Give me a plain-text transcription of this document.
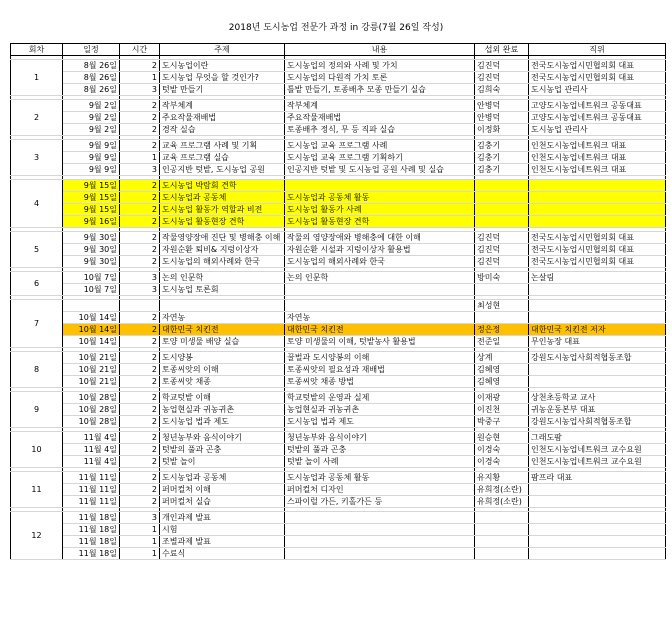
2018년 도시농업 전문가 과정 in 강릉(7월 26일 작성)
회차	일정	시간	주제	내용	섭외 완료	직위

1	8월 26일	2	도시농업이란	도시농업의 정의와 사례 및 가치	김진덕	전국도시농업시민협의회 대표
	8월 26일	1	도시농업 무엇을 할 것인가?	도시농업의 다원적 가치 토론	김진덕	전국도시농업시민협의회 대표
	8월 26일	3	텃밭 만들기	틀밭 만들기, 토종배추 모종 만들기 실습	김희숙	도시농업 관리사

2	9월 2일	2	작부체계	작부체계	안병덕	고양도시농업네트워크 공동대표
	9월 2일	2	주요작물재배법	주요작물재배법	안병덕	고양도시농업네트워크 공동대표
	9월 2일	2	경작 실습	토종배추 정식, 무 등 직파 실습	이정화	도시농업 관리사

3	9월 9일	2	교육 프로그램 사례 및 기획	도시농업 교육 프로그램 사례	김충기	인천도시농업네트워크 대표
	9월 9일	1	교육 프로그램 실습	도시농업 교육 프로그램 기획하기	김충기	인천도시농업네트워크 대표
	9월 9일	3	인공지반 텃밭, 도시농업 공원	인공지반 텃밭 및 도시농업 공원 사례 및 실습	김충기	인천도시농업네트워크 대표

4	9월 15일	2	도시농업 박람회 견학			
	9월 15일	2	도시농업과 공동체	도시농업과 공동체 활동		
	9월 15일	2	도시농업 활동가 역할과 비전	도시농업 활동가 사례		
	9월 16일	2	도시농업 활동현장 견학	도시농업 활동현장 견학		

5	9월 30일	2	작물영양장애 진단 및 병해충 이해	작물의 영양장애와 병해충에 대한 이해	김진덕	전국도시농업시민협의회 대표
	9월 30일	2	자원순환 퇴비& 지렁이상자	자원순환 시설과 지렁이상자 활용법	김진덕	전국도시농업시민협의회 대표
	9월 30일	2	도시농업의 해외사례와 한국	도시농업의 해외사례와 한국	김진덕	전국도시농업시민협의회 대표

6	10월 7일	3	논의 인문학	논의 인문학	방미숙	논살림
	10월 7일	3	도시농업 토론회			

7					최성현	
	10월 14일	2	자연농	자연농		
	10월 14일	2	대한민국 치킨전	대한민국 치킨전	정은정	대한민국 치킨전 저자
	10월 14일	2	토양 미생물 배양 실습	토양 미생물의 이해, 텃밭농사 활용법	전준일	무인농장 대표

8	10월 21일	2	도시양봉	꿀벌과 도시양봉의 이해	상계	강원도시농업사회적협동조합
	10월 21일	2	토종씨앗의 이해	토종씨앗의 필요성과 재배법	김혜영	
	10월 21일	2	토종씨앗 채종	토종씨앗 채종 방법	김혜영	

9	10월 28일	2	학교텃밭 이해	학교텃밭의 운영과 실제	이재광	상천초등학교 교사
	10월 28일	2	농업현실과 귀농귀촌	농업현실과 귀농귀촌	이진천	귀농운동본부 대표
	10월 28일	2	도시농업 법과 제도	도시농업 법과 제도	박중구	강원도시농업사회적협동조합

10	11월 4일	2	청년농부와 음식이야기	청년농부와 음식이야기	원승현	그래도팜
	11월 4일	2	텃밭의 풀과 곤충	텃밭의 풀과 곤충	이경숙	인천도시농업네트워크 교수요원
	11월 4일	2	텃밭 놀이	텃밭 놀이 사례	이경숙	인천도시농업네트워크 교수요원

11	11월 11일	2	도시농업과 공동체	도시농업과 공동체 활동	유지황	팜프라 대표
	11월 11일	2	퍼머컬처 이해	퍼머컬처 디자인	유희정(소란)	
	11월 11일	2	퍼머컬처 실습	스파이럴 가든, 키홀가든 등	유희정(소란)	

12	11월 18일	3	개인과제 발표			
	11월 18일	1	시험			
	11월 18일	1	조별과제 발표			
	11월 18일	1	수료식			
